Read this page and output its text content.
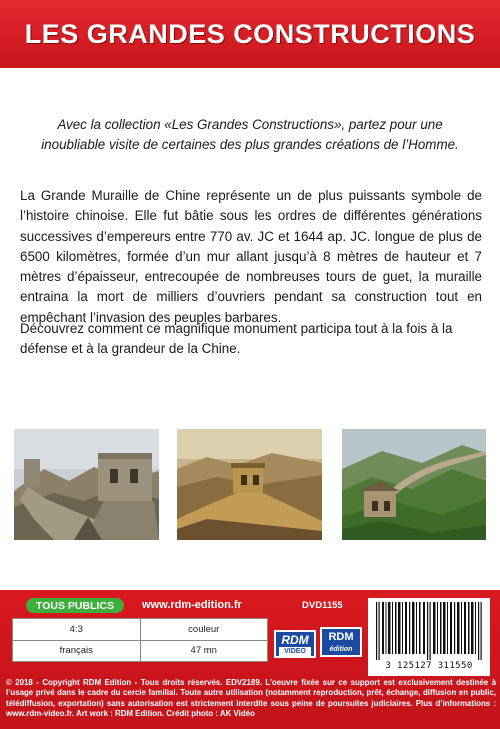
LES GRANDES CONSTRUCTIONS

Avec la collection «Les Grandes Constructions», partez pour une inoubliable visite de certaines des plus grandes créations de l’Homme.

La Grande Muraille de Chine représente un de plus puissants symbole de l’histoire chinoise. Elle fut bâtie sous les ordres de différentes générations successives d’empereurs entre 770 av. JC et 1644 ap. JC. longue de plus de 6500 kilomètres, formée d’un mur allant jusqu’à 8 mètres de hauteur et 7 mètres d’épaisseur, entrecoupée de nombreuses tours de guet, la muraille entraina la mort de milliers d’ouvriers pendant sa construction tout en empêchant l’invasion des peuples barbares.

Découvrez comment ce magnifique monument participa tout à la fois à la défense et à la grandeur de la Chine.

TOUS PUBLICS	www.rdm-edition.fr	DVD1155
4:3	couleur
français	47 mn
RDM
VIDEO
RDM
édition
3 125127 311550

© 2018 - Copyright RDM Edition - Tous droits réservés. EDV2189. L’oeuvre fixée sur ce support est exclusivement destinée à l’usage privé dans le cadre du cercle familial. Toute autre utilisation (notamment reproduction, prêt, échange, diffusion en public, télédiffusion, exportation) sans autorisation est strictement interdite sous peine de poursuites judiciaires. Plus d’informations : www.rdm-video.fr. Art work : RDM Edition. Crédit photo : AK Vidéo
